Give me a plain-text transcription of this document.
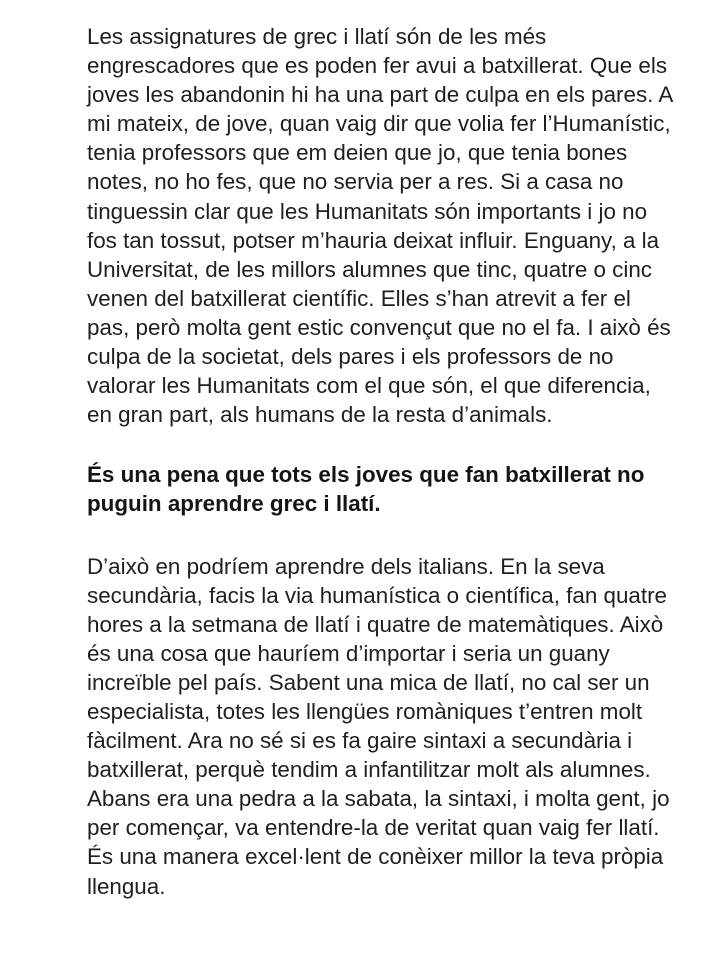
Les assignatures de grec i llatí són de les més engrescadores que es poden fer avui a batxillerat. Que els joves les abandonin hi ha una part de culpa en els pares. A mi mateix, de jove, quan vaig dir que volia fer l’Humanístic, tenia professors que em deien que jo, que tenia bones notes, no ho fes, que no servia per a res. Si a casa no tinguessin clar que les Humanitats són importants i jo no fos tan tossut, potser m’hauria deixat influir. Enguany, a la Universitat, de les millors alumnes que tinc, quatre o cinc venen del batxillerat científic. Elles s’han atrevit a fer el pas, però molta gent estic convençut que no el fa. I això és culpa de la societat, dels pares i els professors de no valorar les Humanitats com el que són, el que diferencia, en gran part, als humans de la resta d’animals.

És una pena que tots els joves que fan batxillerat no puguin aprendre grec i llatí.

D’això en podríem aprendre dels italians. En la seva secundària, facis la via humanística o científica, fan quatre hores a la setmana de llatí i quatre de matemàtiques. Això és una cosa que hauríem d’importar i seria un guany increïble pel país. Sabent una mica de llatí, no cal ser un especialista, totes les llengües romàniques t’entren molt fàcilment. Ara no sé si es fa gaire sintaxi a secundària i batxillerat, perquè tendim a infantilitzar molt als alumnes. Abans era una pedra a la sabata, la sintaxi, i molta gent, jo per començar, va entendre-la de veritat quan vaig fer llatí. És una manera excel·lent de conèixer millor la teva pròpia llengua.
